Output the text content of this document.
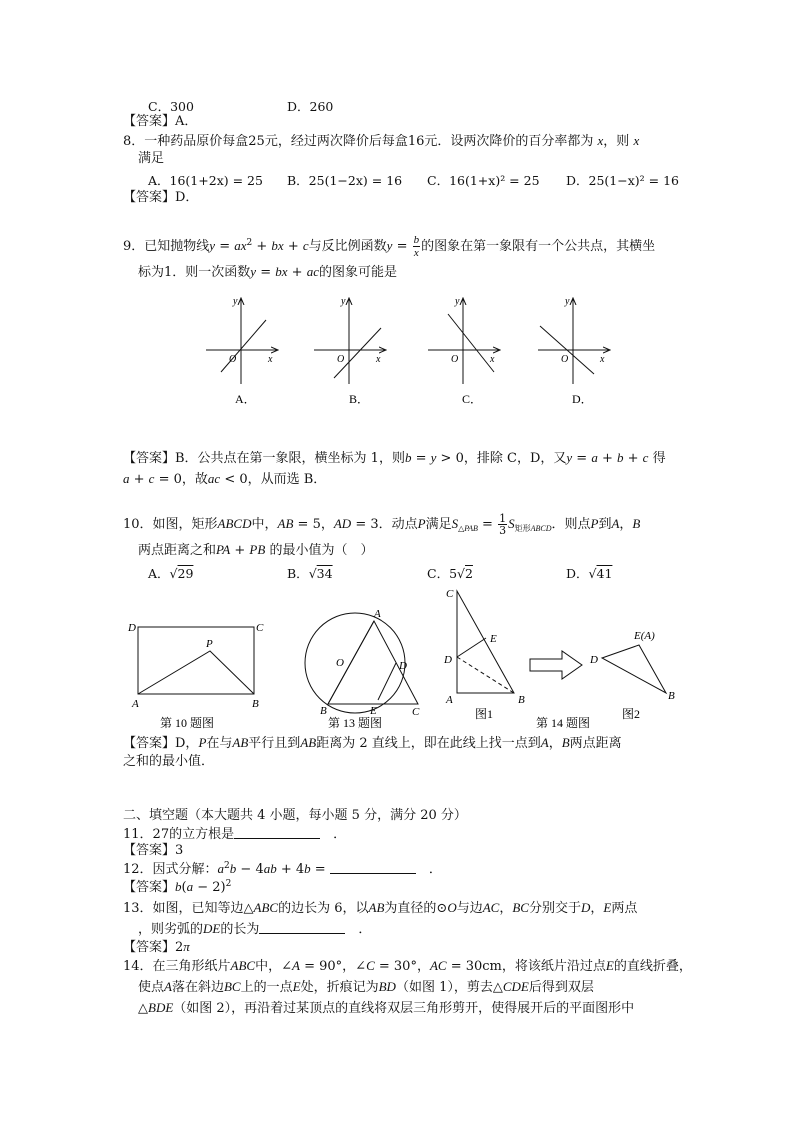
C．300	D．260
【答案】A．
8．一种药品原价每盒25元，经过两次降价后每盒16元．设两次降价的百分率都为 x，则 x
满足
A．16(1+2x) = 25 B．25(1−2x) = 16 C．16(1+x)² = 25 D．25(1−x)² = 16
【答案】D．
9．已知抛物线$y = ax^2$ + bx + c与反比例函数$y = \frac{b}{x}$ 的图象在第一象限有一个公共点，其横坐
标为1．则一次函数y = bx + ac的图象可能是
y
x
O
A．
y
x
O
B．
y
x
O
C．
y
x
O
D．
【答案】B．公共点在第一象限，横坐标为 1，则b = y > 0，排除 C，D，又y = a + b + c 得
a + c = 0，故ac < 0，从而选 B．
10．如图，矩形ABCD中，AB = 5，AD = 3．动点P满足$S_{\triangle PAB} = \frac{1}{3} S_{矩形ABCD}$．则点P到A，B
两点距离之和PA + PB 的最小值为（　）
A．√29	B．√34	C．5√2	D．√41
D	C
P
A	B
A
O	D
B	E	C
C
E
D
A	B
D
E(A)
B
第 10 题图	第 13 题图
图1
第 14 题图
图2
【答案】D，P在与AB平行且到AB距离为 2 直线上，即在此线上找一点到A，B两点距离
之和的最小值．
二、填空题（本大题共 4 小题，每小题 5 分，满分 20 分）
11．27的立方根是	　．
【答案】3
12．因式分解：$a^2b - 4ab + 4b$ =	　．
【答案】$b(a - 2)^2$
13．如图，已知等边△ABC的边长为 6，以AB为直径的⊙O与边AC，BC分别交于D，E两点
，则劣弧的DE的长为	　．
【答案】2π
14．在三角形纸片ABC中，∠A = 90°，∠C = 30°，AC = 30cm，将该纸片沿过点E的直线折叠，
使点A落在斜边BC上的一点E处，折痕记为BD（如图 1），剪去△CDE后得到双层
△BDE（如图 2），再沿着过某顶点的直线将双层三角形剪开，使得展开后的平面图形中
